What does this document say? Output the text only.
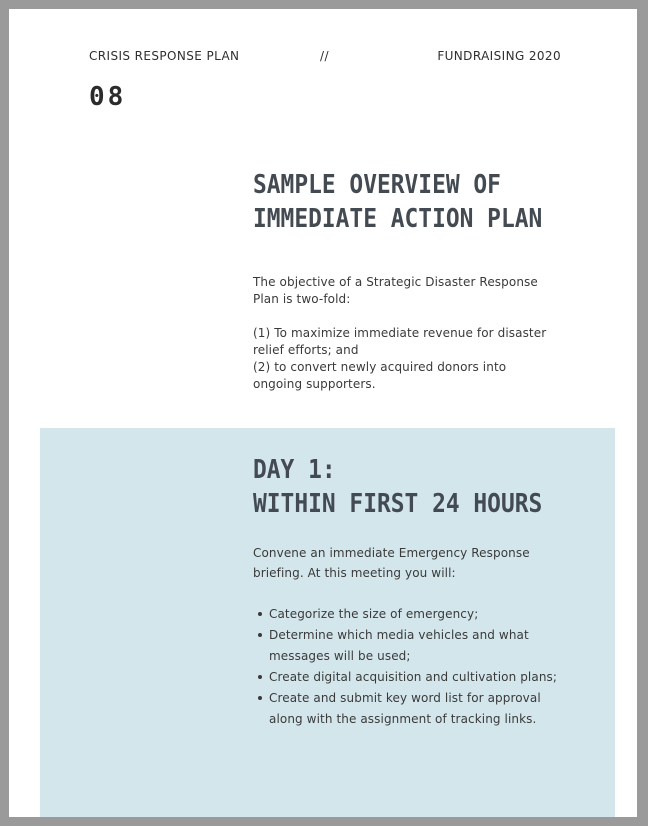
CRISIS RESPONSE PLAN	//	FUNDRAISING 2020
08
SAMPLE OVERVIEW OF
IMMEDIATE ACTION PLAN
The objective of a Strategic Disaster Response Plan is two-fold:
(1) To maximize immediate revenue for disaster relief efforts; and
(2) to convert newly acquired donors into ongoing supporters.
DAY 1:
WITHIN FIRST 24 HOURS
Convene an immediate Emergency Response briefing. At this meeting you will:
Categorize the size of emergency;
Determine which media vehicles and what messages will be used;
Create digital acquisition and cultivation plans;
Create and submit key word list for approval along with the assignment of tracking links.
